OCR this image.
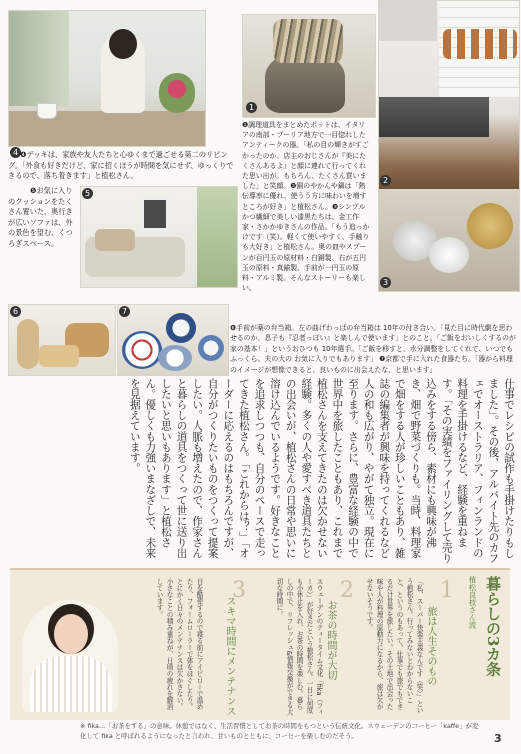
4 ❹デッキは、家族や友人たちと心ゆくまで過ごせる第二のリビング。「外食も好きだけど、家に招くほうが時間を気にせず、ゆっくりできるので、落ち着きます」と植松さん。
5
❺お気に入りのクッションをたくさん置いた、奥行きが広いソファは、外の景色を望む、くつろぎスペース。
1
2
3
❶調理道具をまとめたポットは、イタリアの南部・プーリア地方で一目惚れしたアンティークの器。「私の目の輝きがすごかったのか、店主のおじさんが『美にたくさんあるよ』と顔に連れて行ってくれた思い出が。もちろん、たくさん買いました」と笑顔。❷銅のやかんや鍋は「熱伝導率に優れ、使うう方に味わいを増すところが好き」と植松さん。❸シンプルかつ繊細で美しい漆黒たちは、金工作家・さかかゆきさんの作品。「もう追っかけです（笑）。軽くて使いやすく、手触りも大好き」と植松さん。奥の皿やスプーンが百円玉の原材料・白銅製、右が五円玉の原料・真鍮製、手前が一円玉の原料・アルミ製。そんなストーリーも楽しい。
6	7
❻手前が薬の弁当箱。左の曲げわっぱの弁当箱は 10年の付き合い。「見た目に時代劇を思わせるのか、息子も『忍者っぽい』と楽しんで使います」とのこと。「ご飯をおいしくするのが家の基本！」というおひつも 10年選手。「ご飯を移すと、水分調整をしてくれて、いつでもふっくら。夫の大の お気に入りでもあります」 ❼京都で手に入れた食器たち。「器から料理のイメージが想像できると、良いものに出会えたな、と思います」
仕事でレシピの試作も手掛けたりもしました」。その後、アルバイト先のカフェでオーストラリア、フィンランドの料理を手掛けるなど、経験を重ねます。「その実績をファイリングして売り込みをする傍ら、素材にも興味が沸き、畑で野菜づくりも。当時、料理家で畑をする人が珍しいこともあり、雑誌の編集者が興味を持ってくれるなど人の和も広がり、やがて独立。現在に至ります。さらに、豊富な経験の中で世界中を旅したこともあり、これまで植松さんを支えてきたのは欠かせない経験。多くの人や愛すべき道具たちとの出会いが、植松さんの日常や思いに溶け込んでいるようです。好きなことを追求しつつも、自分のペースで走ってきた植松さん。「これからは？」「オーダーに応えるのはもちろんですが、自分がつくりたいものをつくって提案したい。人脈も増えたので、作家さんと暮らしの道具をつくって世に送り出したいと思いもあります」と植松さん。優しくも力強いまなざしで、未来を見据えています。
植松良枝さん流 暮らしの3カ条
1
旅は人生そのもの
「私、スーパー快楽主義なんです（笑）」という植松さん。行ってみないとわからないこと、というのもあって、仕事でも旅でもできるだけ世界を旅したい。その土地で出会った味や人が料理の原動力になるから、旅は欠かせないそうです。
2
お茶の時間が大切
スウェーデンのティータイム文化「fika（フィーカ）」が好きだという植松さん。一日に何度も小休止を入れ、お茶の時間を楽しむ。暮らしの中で、リフレッシュ&情報交換ができる大切な時間に。
3
スキマ時間にメンテナンス
目を酷使するので寝る前にアイピローで温めたり、フォームローラーで体をほぐしたり。とにかく日々のメンテナンスは欠かさない。小さなことの積み重ねが、日頃の疲れを解消しています。
※ fika…「お茶をする」の意味。休憩ではなく、生活習慣としてお茶の時間をもつという伝統文化。スウェーデンのコーヒー「kaffe」が変化して fika と呼ばれるようになったと言われ、甘いものとともに、コーヒーを楽しむのだそう。	3
